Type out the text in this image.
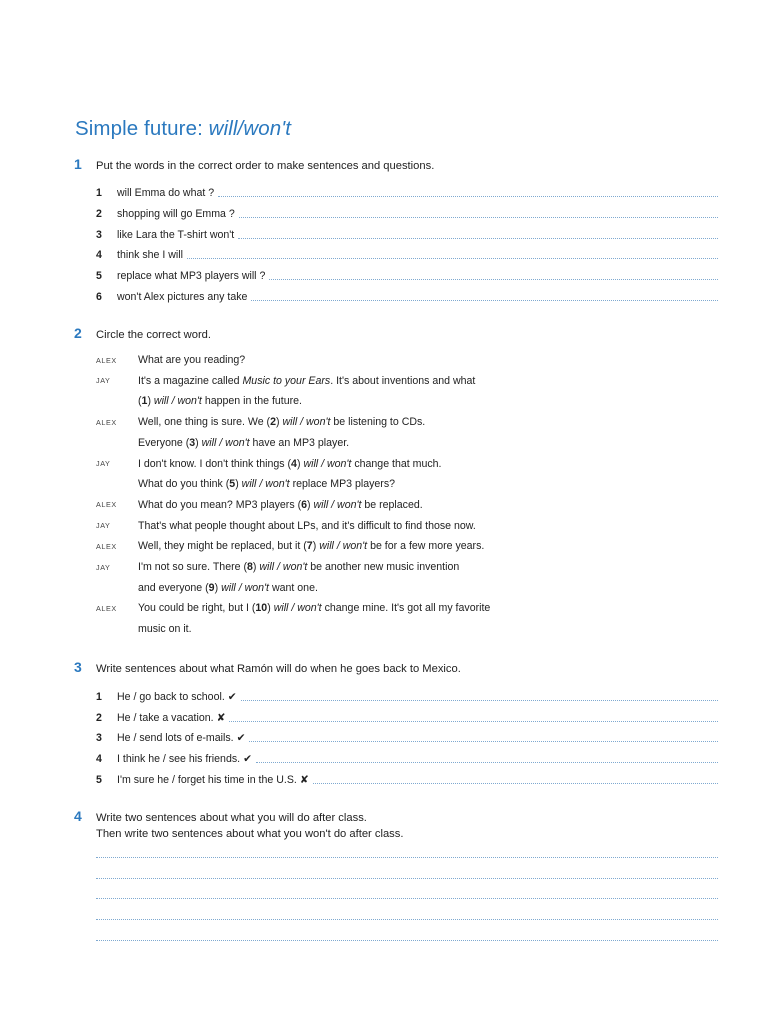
Simple future: will/won't
1 Put the words in the correct order to make sentences and questions.
1	will Emma do what ?
2	shopping will go Emma ?
3	like Lara the T-shirt won't
4	think she I will
5	replace what MP3 players will ?
6	won't Alex pictures any take
2 Circle the correct word.
ALEX	What are you reading?
JAY	It's a magazine called Music to your Ears. It's about inventions and what
(1) will / won't happen in the future.
ALEX	Well, one thing is sure. We (2) will / won't be listening to CDs.
Everyone (3) will / won't have an MP3 player.
JAY	I don't know. I don't think things (4) will / won't change that much.
What do you think (5) will / won't replace MP3 players?
ALEX	What do you mean? MP3 players (6) will / won't be replaced.
JAY	That's what people thought about LPs, and it's difficult to find those now.
ALEX	Well, they might be replaced, but it (7) will / won't be for a few more years.
JAY	I'm not so sure. There (8) will / won't be another new music invention
and everyone (9) will / won't want one.
ALEX	You could be right, but I (10) will / won't change mine. It's got all my favorite
music on it.
3 Write sentences about what Ramón will do when he goes back to Mexico.
1	He / go back to school. ✔
2	He / take a vacation. ✘
3	He / send lots of e-mails. ✔
4	I think he / see his friends. ✔
5	I'm sure he / forget his time in the U.S. ✘
4 Write two sentences about what you will do after class.
Then write two sentences about what you won't do after class.
